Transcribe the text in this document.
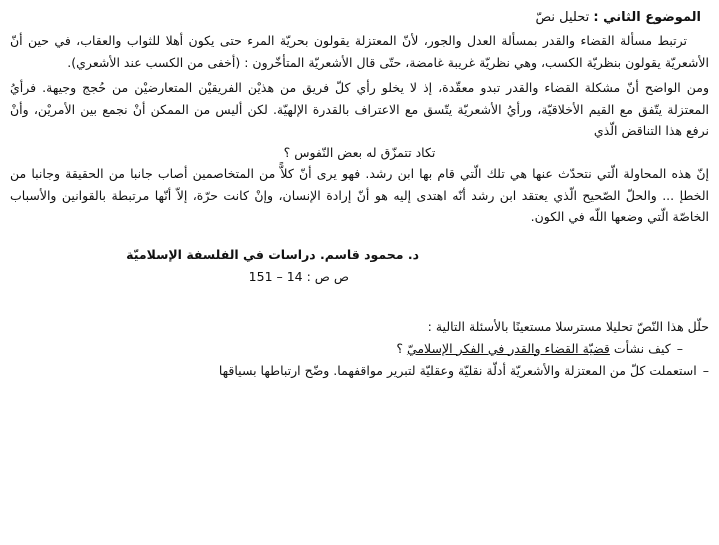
الموضوع الثاني : تحليل نصّ

ترتبط مسألة القضاء والقدر بمسألة العدل والجور، لأنّ المعتزلة يقولون بحريّة المرء حتى يكون أهلا للثواب والعقاب، في حين أنّ الأشعريّة يقولون بنظريّة الكسب، وهي نظريّة غريبة غامضة، حتّى قال الأشعريّة المتأخّرون : (أخفى من الكسب عند الأشعري).

ومن الواضح أنّ مشكلة القضاء والقدر تبدو معقّدة، إذ لا يخلو رأي كلّ فريق من هذيْن الفريقيْن المتعارضيْن من حُجج وجيهة. فرأيُ المعتزلة يتّفق مع القيم الأخلاقيّة، ورأيُ الأشعريّة يتّسق مع الاعتراف بالقدرة الإلهيّة. لكن أليس من الممكن أنْ نجمع بين الأمريْن، وأنْ نرفع هذا التناقض الّذي

تكاد تتمزّق له بعض النّفوس ؟

إنّ هذه المحاولة الّتي نتحدّث عنها هي تلك الّتي قام بها ابن رشد. فهو يرى أنّ كلاًّ من المتخاصمين أصاب جانبا من الحقيقة وجانبا من الخطإ ... والحلّ الصّحيح الّذي يعتقد ابن رشد أنّه اهتدى إليه هو أنّ إرادة الإنسان، وإنْ كانت حرّة، إلاّ أنّها مرتبطة بالقوانين والأسباب الخاصّة الّتي وضعها اللّه في الكون.

د. محمود قاسم. دراسات في الفلسفة الإسلاميّة
ص ص : 14 – 151
حلّل هذا النّصّ تحليلا مسترسلا مستعينًا بالأسئلة التالية :
–كيف نشأت قضيّة القضاء والقدر في الفكر الإسلاميّ ؟
–استعملت كلّ من المعتزلة والأشعريّة أدلّة نقليّة وعقليّة لتبرير مواقفهما. وضّح ارتباطها بسياقها
